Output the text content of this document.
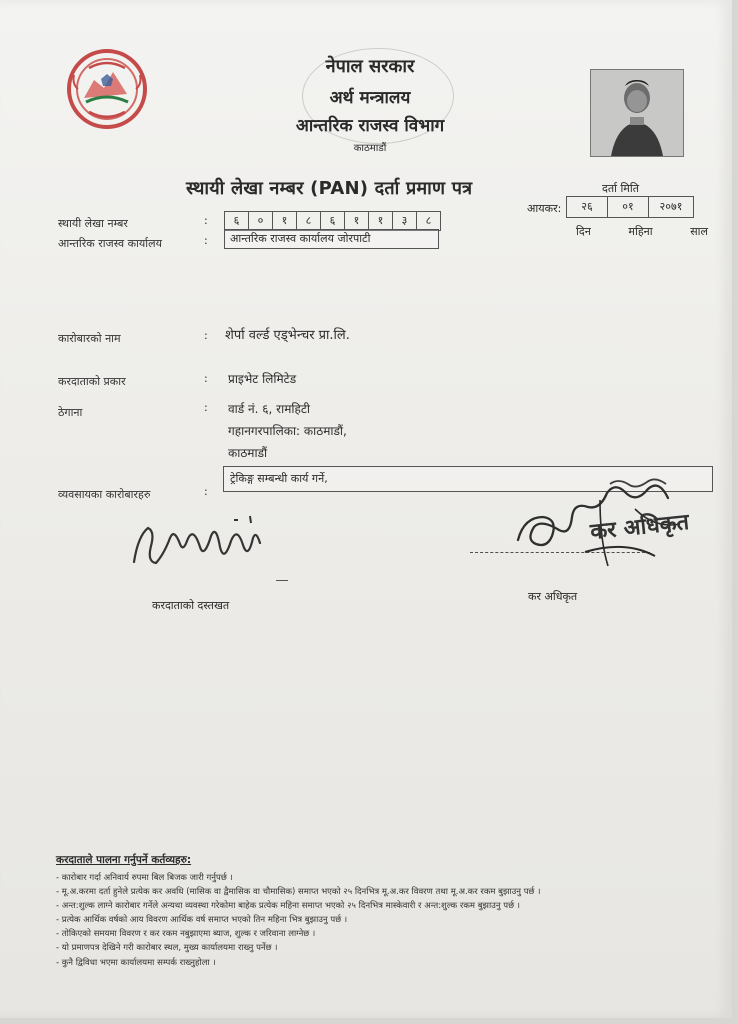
नेपाल सरकार
अर्थ मन्त्रालय
आन्तरिक राजस्व विभाग
काठमाडौं
दर्ता मिति
स्थायी लेखा नम्बर (PAN) दर्ता प्रमाण पत्र
आयकर:	२६	०१	२०७१
दिन	महिना	साल
स्थायी लेखा नम्बर	:	६	०	१	८	६	१	१	३	८
आन्तरिक राजस्व कार्यालय	:	आन्तरिक राजस्व कार्यालय जोरपाटी
कारोबारको नाम	: शेर्पा वर्ल्ड एड्भेन्चर प्रा.लि.
करदाताको प्रकार	: प्राइभेट लिमिटेड
ठेगाना	: वार्ड नं. ६, रामहिटी
गहानगरपालिका: काठमाडौं,
काठमाडौं
व्यवसायका कारोबारहरु	:
ट्रेकिङ्ग सम्बन्धी कार्य गर्ने,
करदाताको दस्तखत
कर अधिकृत
कर अधिकृत
करदाताले पालना गर्नुपर्ने कर्तव्यहरु:
- कारोबार गर्दा अनिवार्य रुपमा बिल बिजक जारी गर्नुपर्छ ।
- मू.अ.करमा दर्ता हुनेले प्रत्येक कर अवधि (मासिक वा द्वैमासिक वा चौमासिक) समाप्त भएको २५ दिनभित्र मू.अ.कर विवरण तथा मू.अ.कर रकम बुझाउनु पर्छ ।
- अन्त:शुल्क लाग्ने कारोबार गर्नेले अन्यथा व्यवस्था गरेकोमा बाहेक प्रत्येक महिना समाप्त भएको २५ दिनभित्र मास्केवारी र अन्त:शुल्क रकम बुझाउनु पर्छ ।
- प्रत्येक आर्थिक वर्षको आय विवरण आर्थिक वर्ष समाप्त भएको तिन महिना भित्र बुझाउनु पर्छ ।
- तोकिएको समयमा विवरण र कर रकम नबुझाएमा ब्याज, शुल्क र जरिवाना लाग्नेछ ।
- यो प्रमाणपत्र देखिने गरी कारोबार स्थल, मुख्य कार्यालयमा राख्नु पर्नेछ ।
- कुनै द्विविधा भएमा कार्यालयमा सम्पर्क राख्नुहोला ।
